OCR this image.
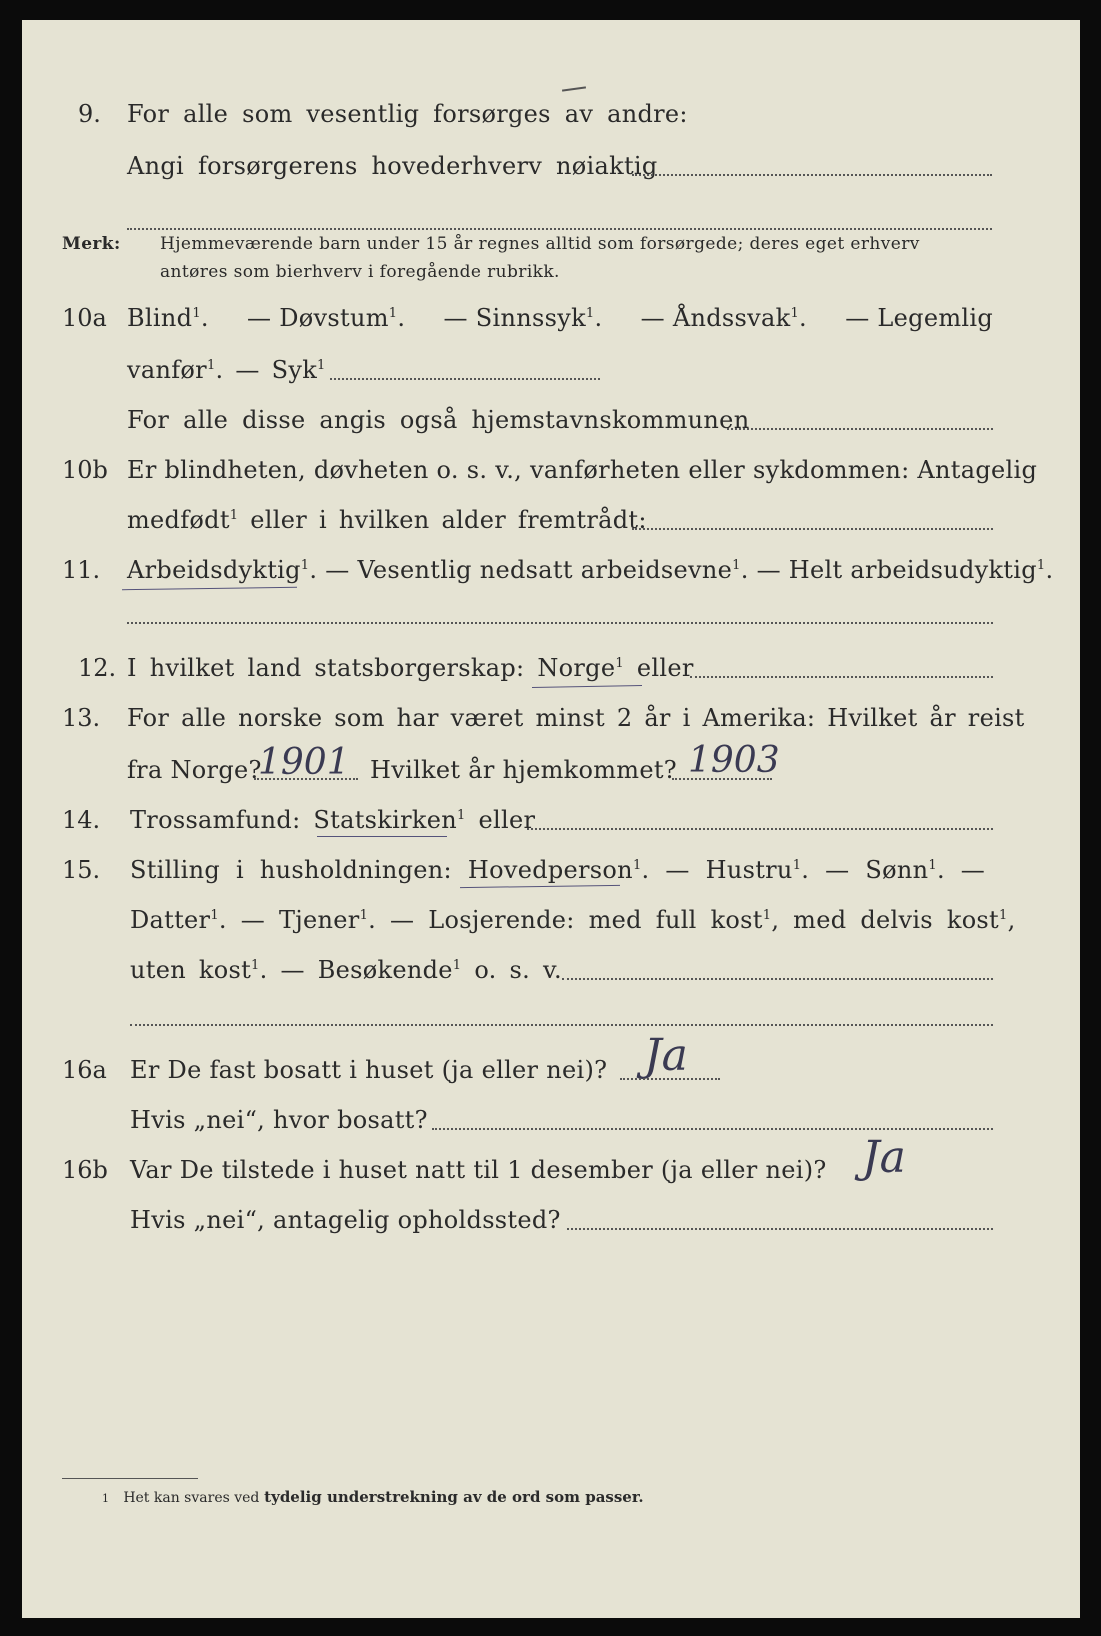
9. For alle som vesentlig forsørges av andre:
Angi forsørgerens hovederhverv nøiaktig
Merk: Hjemmeværende barn under 15 år regnes alltid som forsørgede; deres eget erhverv
antøres som bierhverv i foregående rubrikk.
10a Blind$^1$. — Døvstum$^1$. — Sinnssyk$^1$. — Åndssvak$^1$. — Legemlig
vanfør$^1$. — Syk$^1$
For alle disse angis også hjemstavnskommunen
10b Er blindheten, døvheten o. s. v., vanførheten eller sykdommen: Antagelig
medfødt$^1$ eller i hvilken alder fremtrådt:
11. Arbeidsdyktig$^1$. — Vesentlig nedsatt arbeidsevne$^1$. — Helt arbeidsudyktig$^1$.
12. I hvilket land statsborgerskap: Norge$^1$ eller
13. For alle norske som har været minst 2 år i Amerika: Hvilket år reist
fra Norge?
1901 Hvilket år hjemkommet? 1903
14. Trossamfund: Statskirken$^1$ eller
15. Stilling i husholdningen: Hovedperson$^1$. — Hustru$^1$. — Sønn$^1$. —
Datter$^1$. — Tjener$^1$. — Losjerende: med full kost$^1$, med delvis kost$^1$,
uten kost$^1$. — Besøkende$^1$ o. s. v.
16a Er De fast bosatt i huset (ja eller nei)? Ja
Hvis „nei“, hvor bosatt?
16b Var De tilstede i huset natt til 1 desember (ja eller nei)? Ja
Hvis „nei“, antagelig opholdssted?
1 Het kan svares ved tydelig understrekning av de ord som passer.
